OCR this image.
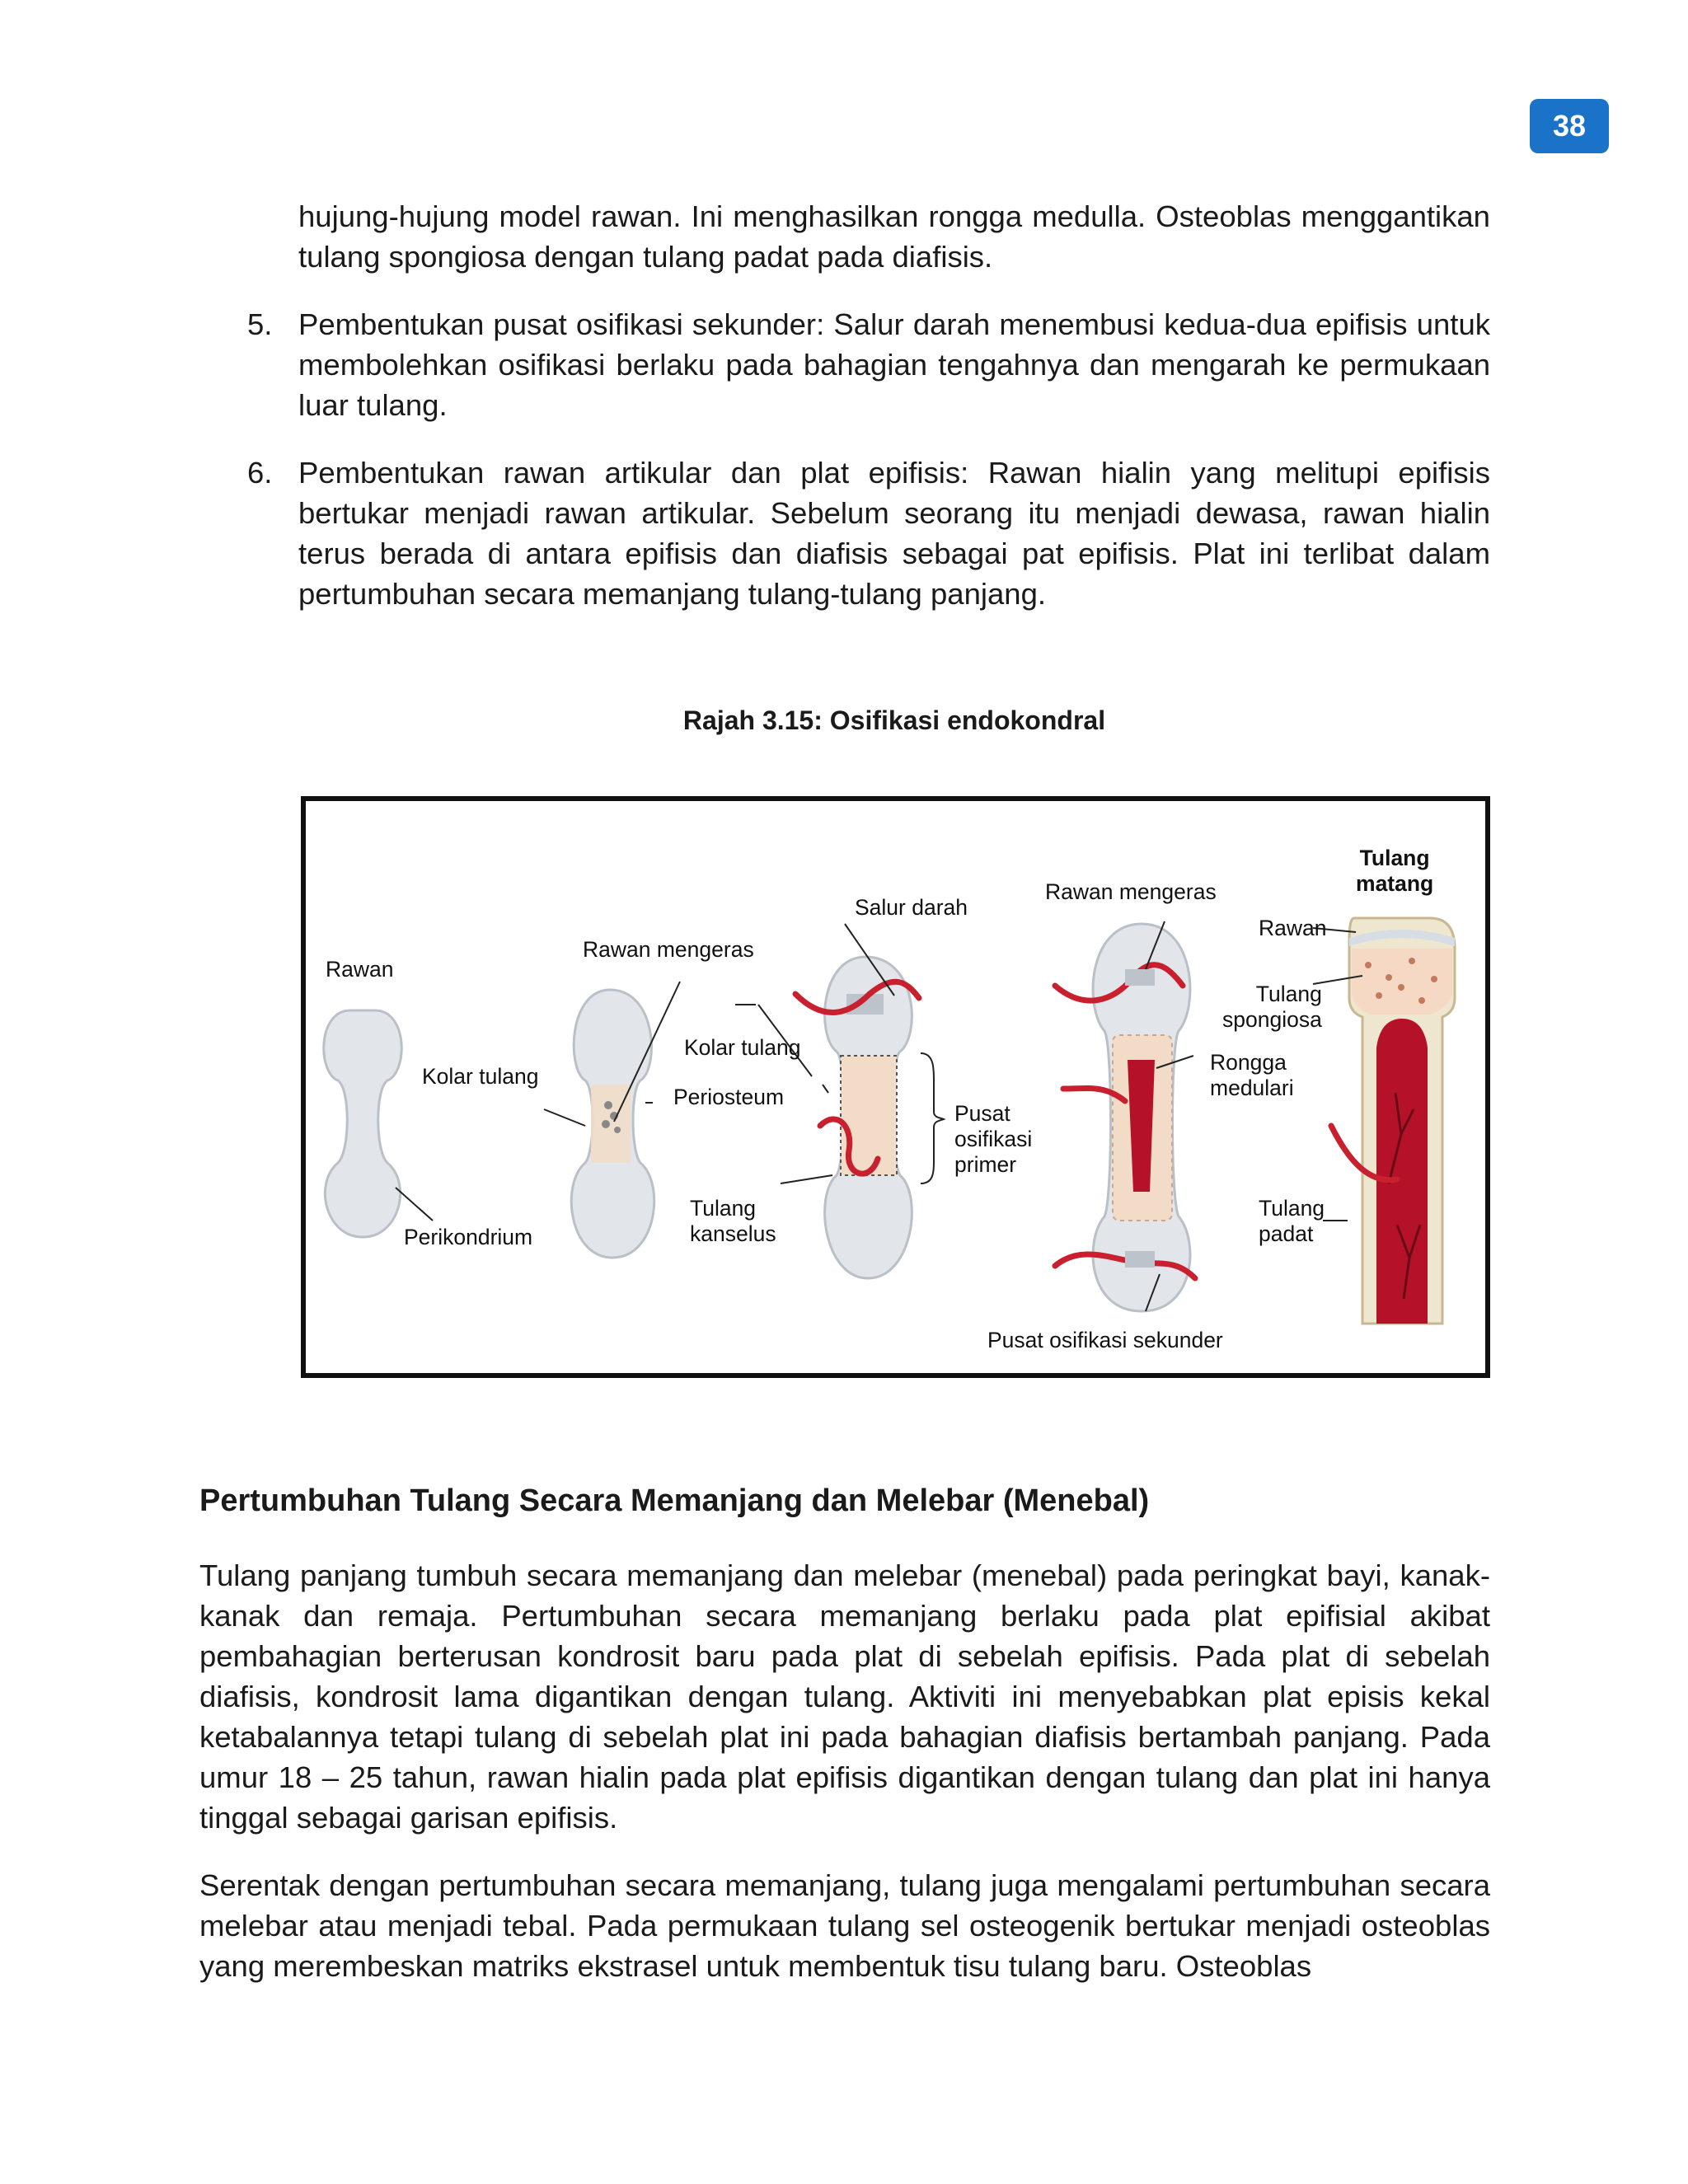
38

hujung-hujung model rawan. Ini menghasilkan rongga medulla. Osteoblas menggantikan tulang spongiosa dengan tulang padat pada diafisis.

5. Pembentukan pusat osifikasi sekunder: Salur darah menembusi kedua-dua epifisis untuk membolehkan osifikasi berlaku pada bahagian tengahnya dan mengarah ke permukaan luar tulang.

6. Pembentukan rawan artikular dan plat epifisis: Rawan hialin yang melitupi epifisis bertukar menjadi rawan artikular. Sebelum seorang itu menjadi dewasa, rawan hialin terus berada di antara epifisis dan diafisis sebagai pat epifisis. Plat ini terlibat dalam pertumbuhan secara memanjang tulang-tulang panjang.

Rajah 3.15: Osifikasi endokondral
Rawan
Kolar tulang
Perikondrium
Rawan mengeras
Kolar tulang
Periosteum
Tulang
kanselus
Salur darah
Pusat
osifikasi
primer
Rawan mengeras
Pusat osifikasi sekunder
Rawan
Tulang
spongiosa
Rongga
medulari
Tulang
padat
Tulang
matang
Pertumbuhan Tulang Secara Memanjang dan Melebar (Menebal)

Tulang panjang tumbuh secara memanjang dan melebar (menebal) pada peringkat bayi, kanak-kanak dan remaja. Pertumbuhan secara memanjang berlaku pada plat epifisial akibat pembahagian berterusan kondrosit baru pada plat di sebelah epifisis. Pada plat di sebelah diafisis, kondrosit lama digantikan dengan tulang. Aktiviti ini menyebabkan plat episis kekal ketabalannya tetapi tulang di sebelah plat ini pada bahagian diafisis bertambah panjang. Pada umur 18 – 25 tahun, rawan hialin pada plat epifisis digantikan dengan tulang dan plat ini hanya tinggal sebagai garisan epifisis.

Serentak dengan pertumbuhan secara memanjang, tulang juga mengalami pertumbuhan secara melebar atau menjadi tebal. Pada permukaan tulang sel osteogenik bertukar menjadi osteoblas yang merembeskan matriks ekstrasel untuk membentuk tisu tulang baru. Osteoblas
